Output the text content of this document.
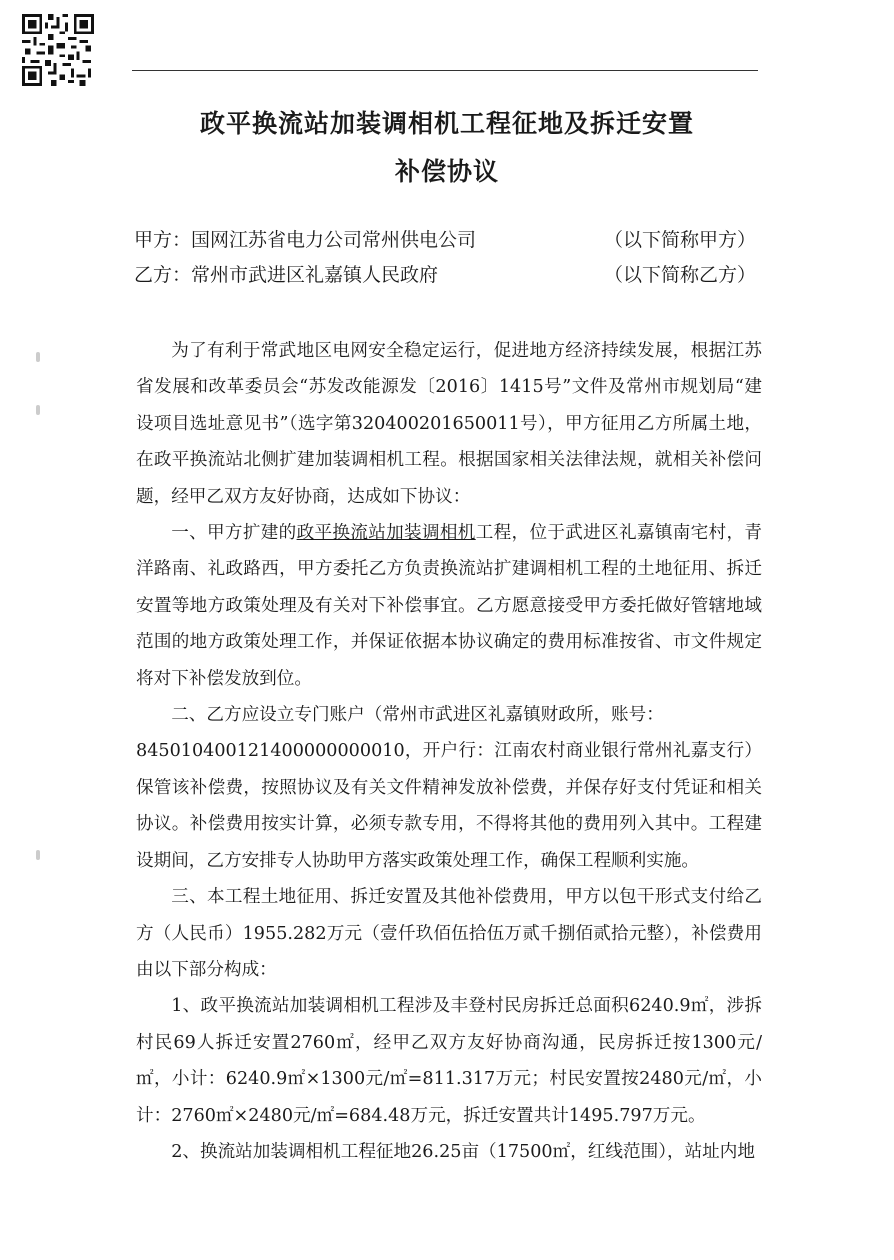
政平换流站加装调相机工程征地及拆迁安置
补偿协议
甲方：国网江苏省电力公司常州供电公司	（以下简称甲方）
乙方：常州市武进区礼嘉镇人民政府	（以下简称乙方）

为了有利于常武地区电网安全稳定运行，促进地方经济持续发展，根据江苏省发展和改革委员会“苏发改能源发〔2016〕1415号”文件及常州市规划局“建设项目选址意见书”（选字第320400201650011号），甲方征用乙方所属土地，在政平换流站北侧扩建加装调相机工程。根据国家相关法律法规，就相关补偿问题，经甲乙双方友好协商，达成如下协议：

一、甲方扩建的政平换流站加装调相机工程，位于武进区礼嘉镇南宅村，青洋路南、礼政路西，甲方委托乙方负责换流站扩建调相机工程的土地征用、拆迁安置等地方政策处理及有关对下补偿事宜。乙方愿意接受甲方委托做好管辖地域范围的地方政策处理工作，并保证依据本协议确定的费用标准按省、市文件规定将对下补偿发放到位。

二、乙方应设立专门账户（常州市武进区礼嘉镇财政所，账号：

845010400121400000000010，开户行：江南农村商业银行常州礼嘉支行）保管该补偿费，按照协议及有关文件精神发放补偿费，并保存好支付凭证和相关协议。补偿费用按实计算，必须专款专用，不得将其他的费用列入其中。工程建设期间，乙方安排专人协助甲方落实政策处理工作，确保工程顺利实施。

三、本工程土地征用、拆迁安置及其他补偿费用，甲方以包干形式支付给乙方（人民币）1955.282万元（壹仟玖佰伍拾伍万贰千捌佰贰拾元整），补偿费用由以下部分构成：

1、政平换流站加装调相机工程涉及丰登村民房拆迁总面积6240.9㎡，涉拆村民69人拆迁安置2760㎡，经甲乙双方友好协商沟通，民房拆迁按1300元/㎡，小计：6240.9㎡×1300元/㎡=811.317万元；村民安置按2480元/㎡，小计：2760㎡×2480元/㎡=684.48万元，拆迁安置共计1495.797万元。

2、换流站加装调相机工程征地26.25亩（17500㎡，红线范围），站址内地
